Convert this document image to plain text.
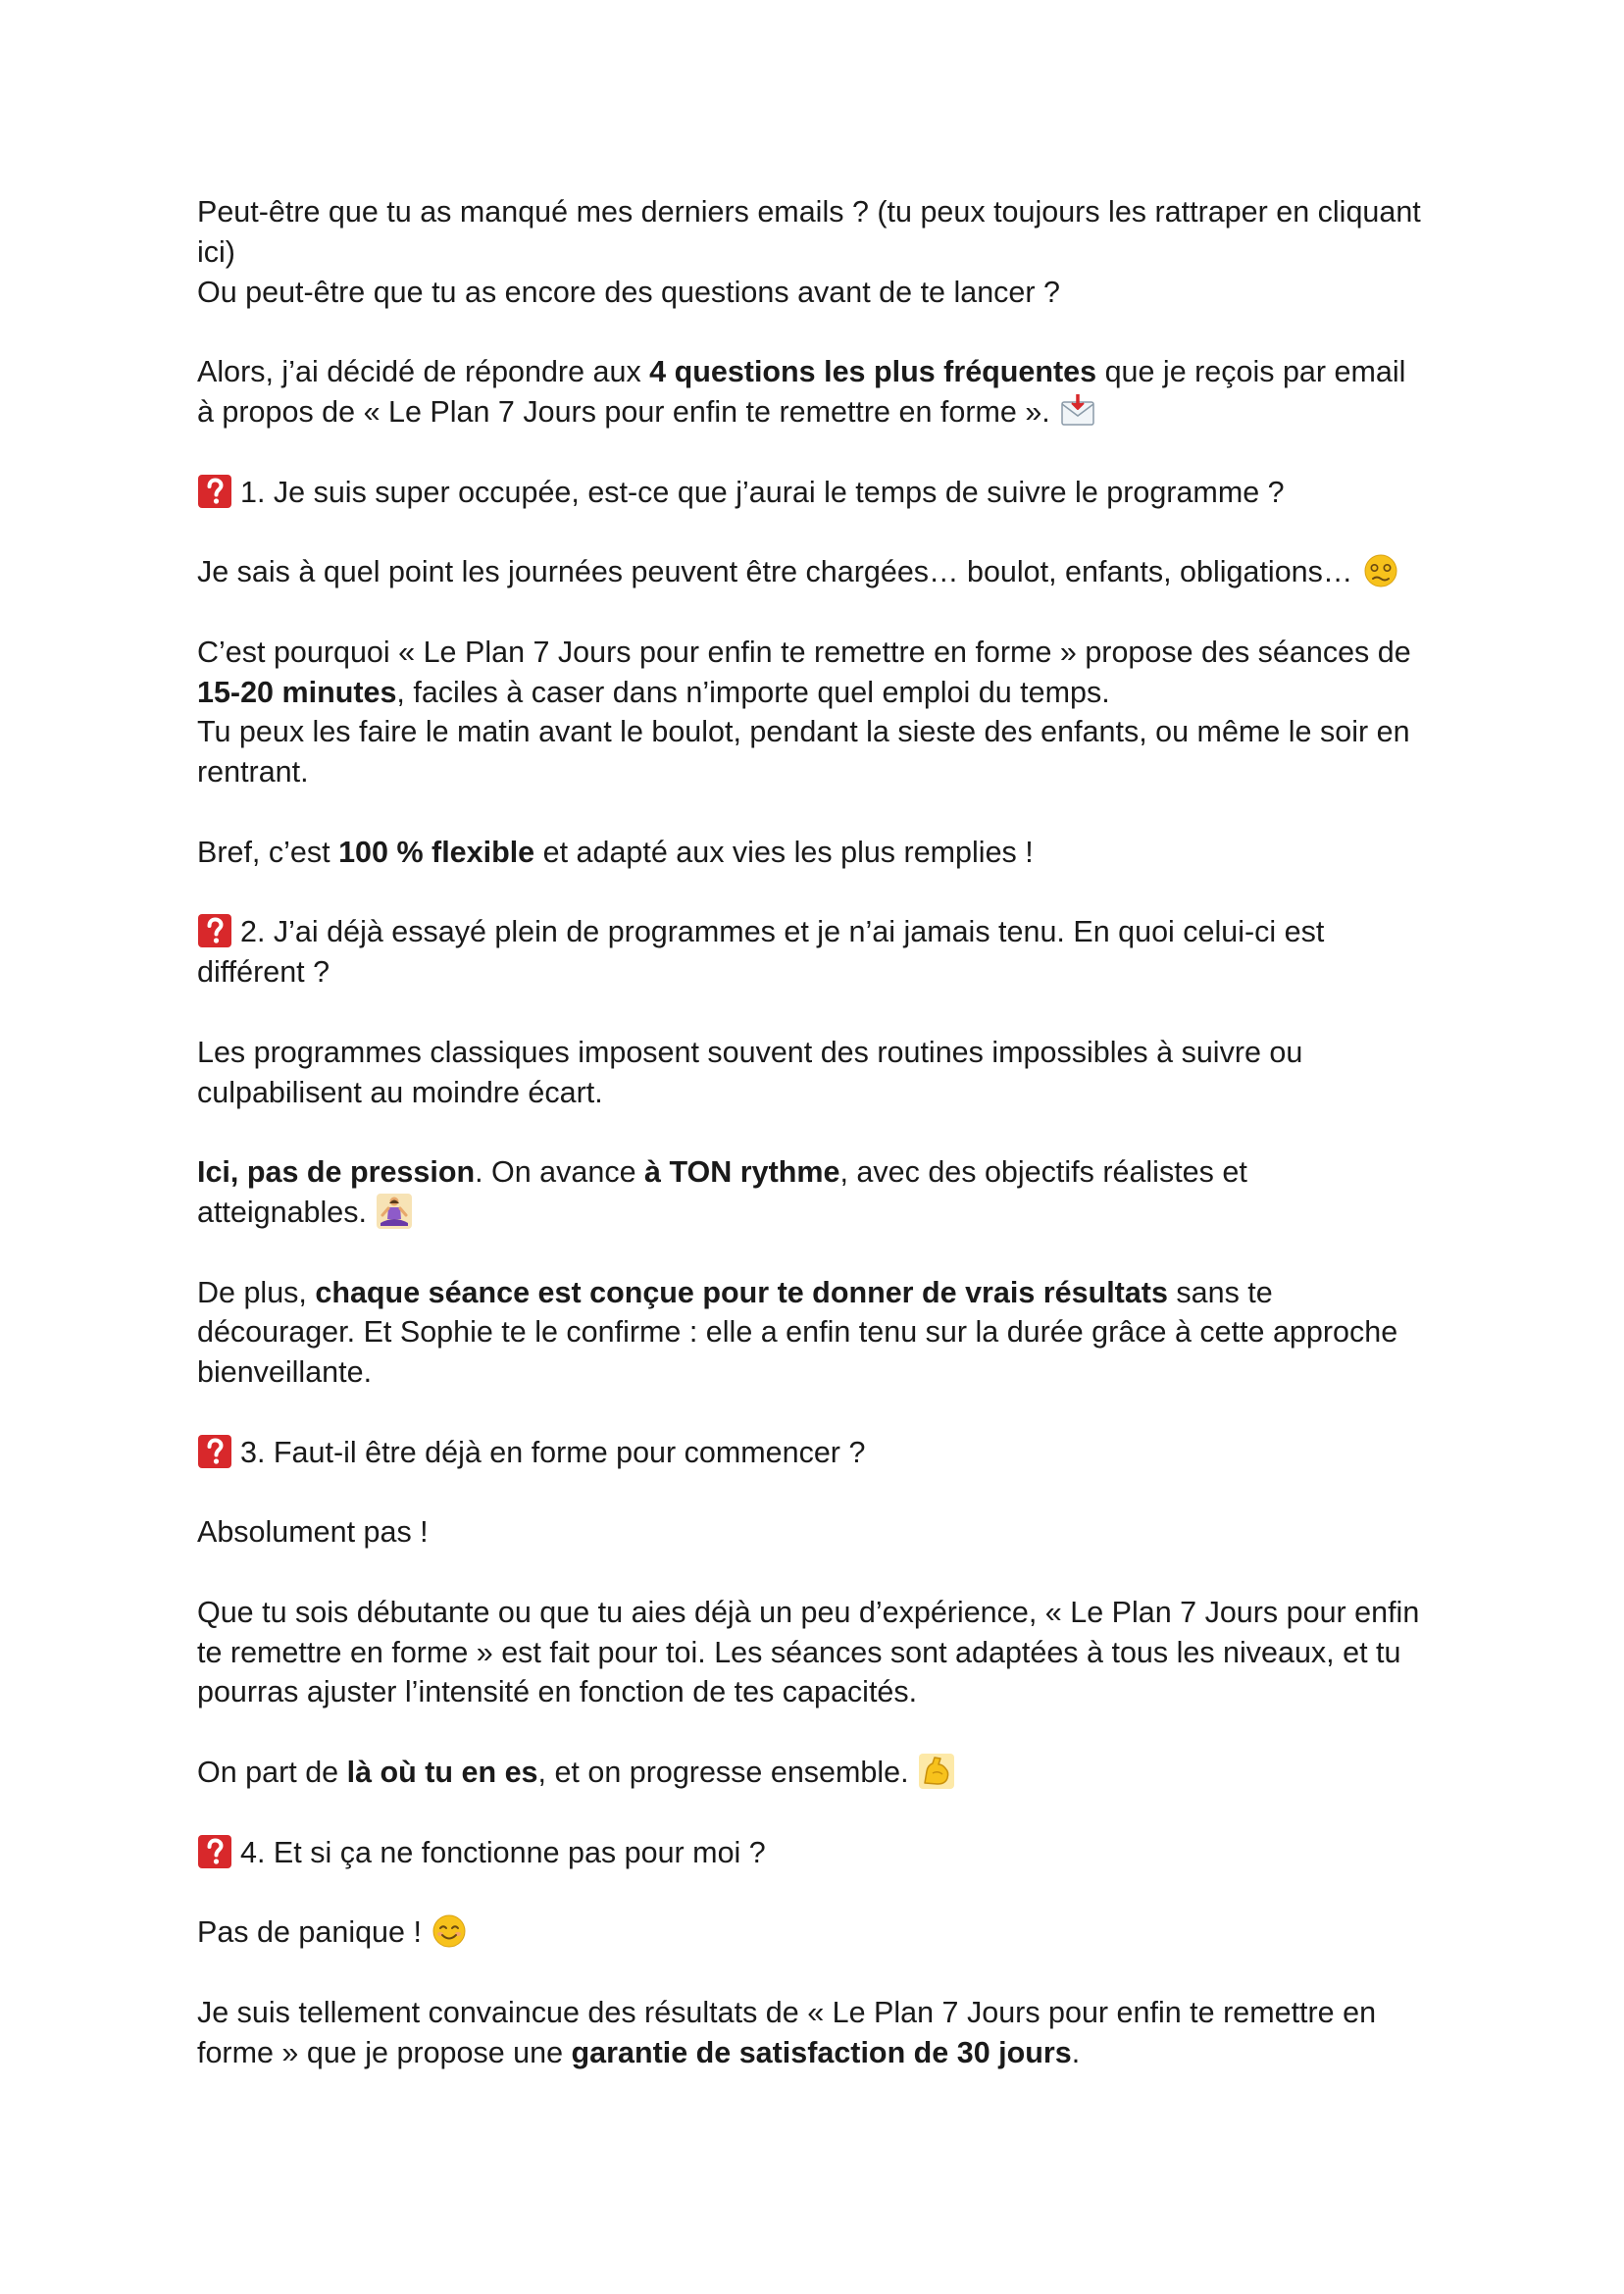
Peut-être que tu as manqué mes derniers emails ? (tu peux toujours les rattraper en cliquant
ici)
Ou peut-être que tu as encore des questions avant de te lancer ?

Alors, j’ai décidé de répondre aux 4 questions les plus fréquentes que je reçois par email
à propos de « Le Plan 7 Jours pour enfin te remettre en forme ».

1. Je suis super occupée, est-ce que j’aurai le temps de suivre le programme ?

Je sais à quel point les journées peuvent être chargées… boulot, enfants, obligations…

C’est pourquoi « Le Plan 7 Jours pour enfin te remettre en forme » propose des séances de
15-20 minutes, faciles à caser dans n’importe quel emploi du temps.
Tu peux les faire le matin avant le boulot, pendant la sieste des enfants, ou même le soir en
rentrant.

Bref, c’est 100 % flexible et adapté aux vies les plus remplies !

2. J’ai déjà essayé plein de programmes et je n’ai jamais tenu. En quoi celui-ci est
différent ?

Les programmes classiques imposent souvent des routines impossibles à suivre ou
culpabilisent au moindre écart.

Ici, pas de pression. On avance à TON rythme, avec des objectifs réalistes et
atteignables.

De plus, chaque séance est conçue pour te donner de vrais résultats sans te
décourager. Et Sophie te le confirme : elle a enfin tenu sur la durée grâce à cette approche
bienveillante.

3. Faut-il être déjà en forme pour commencer ?

Absolument pas !

Que tu sois débutante ou que tu aies déjà un peu d’expérience, « Le Plan 7 Jours pour enfin
te remettre en forme » est fait pour toi. Les séances sont adaptées à tous les niveaux, et tu
pourras ajuster l’intensité en fonction de tes capacités.

On part de là où tu en es, et on progresse ensemble.

4. Et si ça ne fonctionne pas pour moi ?

Pas de panique !

Je suis tellement convaincue des résultats de « Le Plan 7 Jours pour enfin te remettre en
forme » que je propose une garantie de satisfaction de 30 jours.
